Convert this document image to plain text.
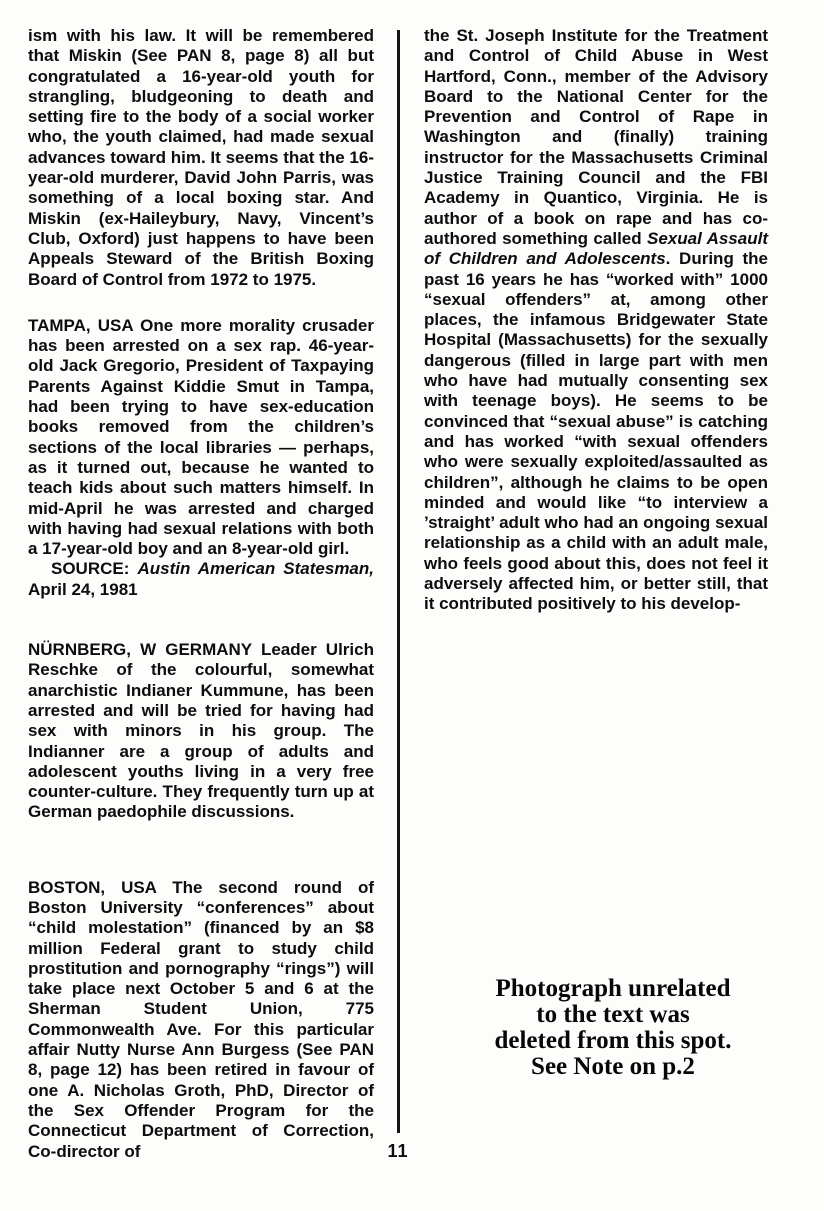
ism with his law. It will be remembered that Miskin (See PAN 8, page 8) all but congratulated a 16-year-old youth for strangling, bludgeoning to death and setting fire to the body of a social worker who, the youth claimed, had made sexual advances toward him. It seems that the 16-year-old murderer, David John Parris, was something of a local boxing star. And Miskin (ex-Haileybury, Navy, Vincent’s Club, Oxford) just happens to have been Appeals Steward of the British Boxing Board of Control from 1972 to 1975.

TAMPA, USA One more morality crusader has been arrested on a sex rap. 46-year-old Jack Gregorio, President of Taxpaying Parents Against Kiddie Smut in Tampa, had been trying to have sex-education books removed from the children’s sections of the local libraries — perhaps, as it turned out, because he wanted to teach kids about such matters himself. In mid-April he was arrested and charged with having had sexual relations with both a 17-year-old boy and an 8-year-old girl.

SOURCE: Austin American Statesman, April 24, 1981

NÜRNBERG, W GERMANY Leader Ulrich Reschke of the colourful, somewhat anarchistic Indianer Kummune, has been arrested and will be tried for having had sex with minors in his group. The Indianner are a group of adults and adolescent youths living in a very free counter-culture. They frequently turn up at German paedophile discussions.

BOSTON, USA The second round of Boston University “conferences” about “child molestation” (financed by an $8 million Federal grant to study child prostitution and pornography “rings”) will take place next October 5 and 6 at the Sherman Student Union, 775 Commonwealth Ave. For this particular affair Nutty Nurse Ann Burgess (See PAN 8, page 12) has been retired in favour of one A. Nicholas Groth, PhD, Director of the Sex Offender Program for the Connecticut Department of Correction, Co-director of

the St. Joseph Institute for the Treatment and Control of Child Abuse in West Hartford, Conn., member of the Advisory Board to the National Center for the Prevention and Control of Rape in Washington and (finally) training instructor for the Massachusetts Criminal Justice Training Council and the FBI Academy in Quantico, Virginia. He is author of a book on rape and has co-authored something called Sexual Assault of Children and Adolescents. During the past 16 years he has “worked with” 1000 “sexual offenders” at, among other places, the infamous Bridgewater State Hospital (Massachusetts) for the sexually dangerous (filled in large part with men who have had mutually consenting sex with teenage boys). He seems to be convinced that “sexual abuse” is catching and has worked “with sexual offenders who were sexually exploited/assaulted as children”, although he claims to be open minded and would like “to interview a ’straight’ adult who had an ongoing sexual relationship as a child with an adult male, who feels good about this, does not feel it adversely affected him, or better still, that it contributed positively to his develop-

Photograph unrelated
to the text was
deleted from this spot.
See Note on p.2
11
